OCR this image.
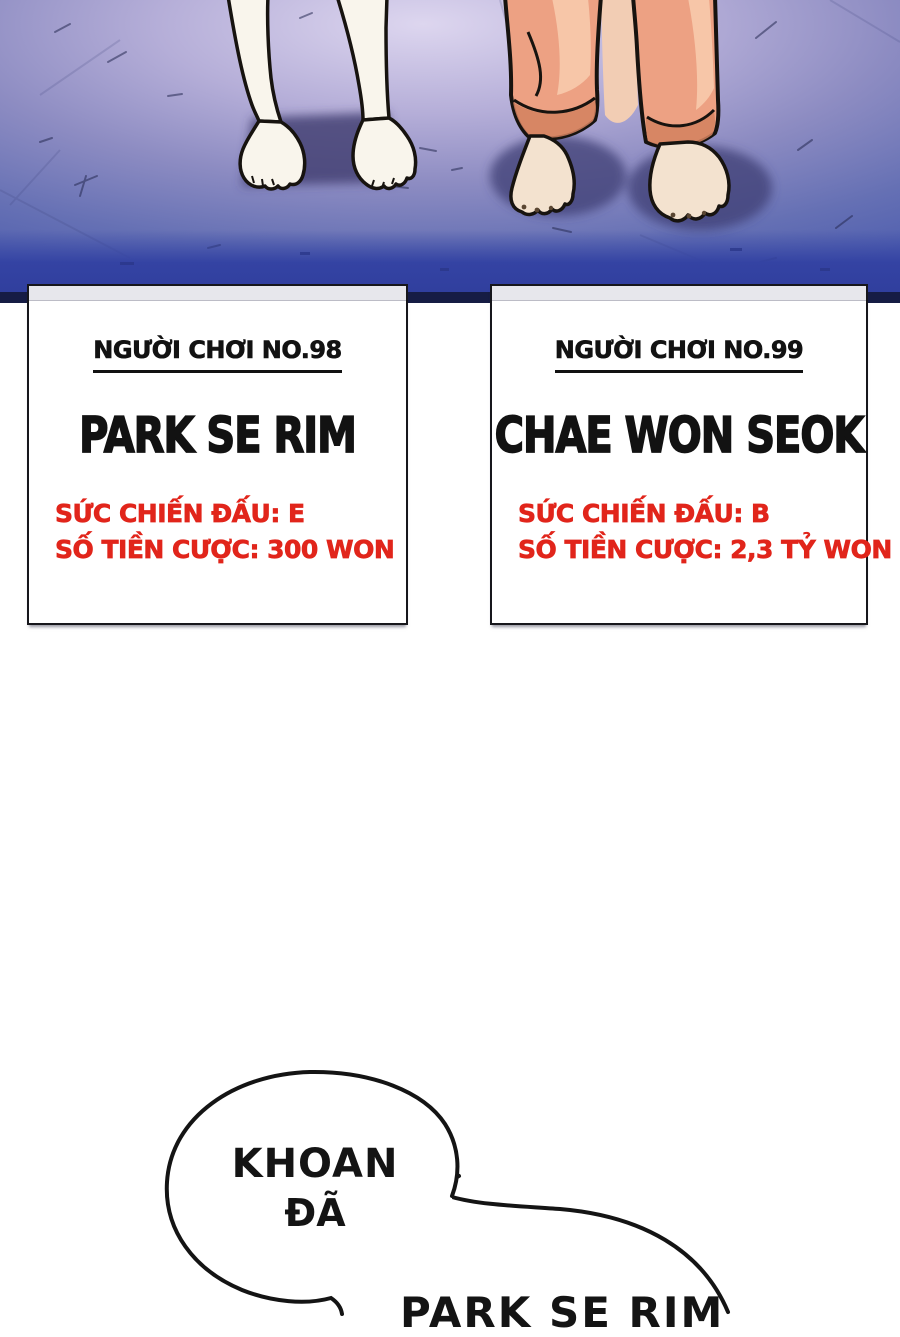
NGƯỜI CHƠI NO.98
PARK SE RIM
SỨC CHIẾN ĐẤU: E
SỐ TIỀN CƯỢC: 300 WON
NGƯỜI CHƠI NO.99
CHAE WON SEOK
SỨC CHIẾN ĐẤU: B
SỐ TIỀN CƯỢC: 2,3 TỶ WON
KHOAN
ĐÃ
PARK SE RIM
